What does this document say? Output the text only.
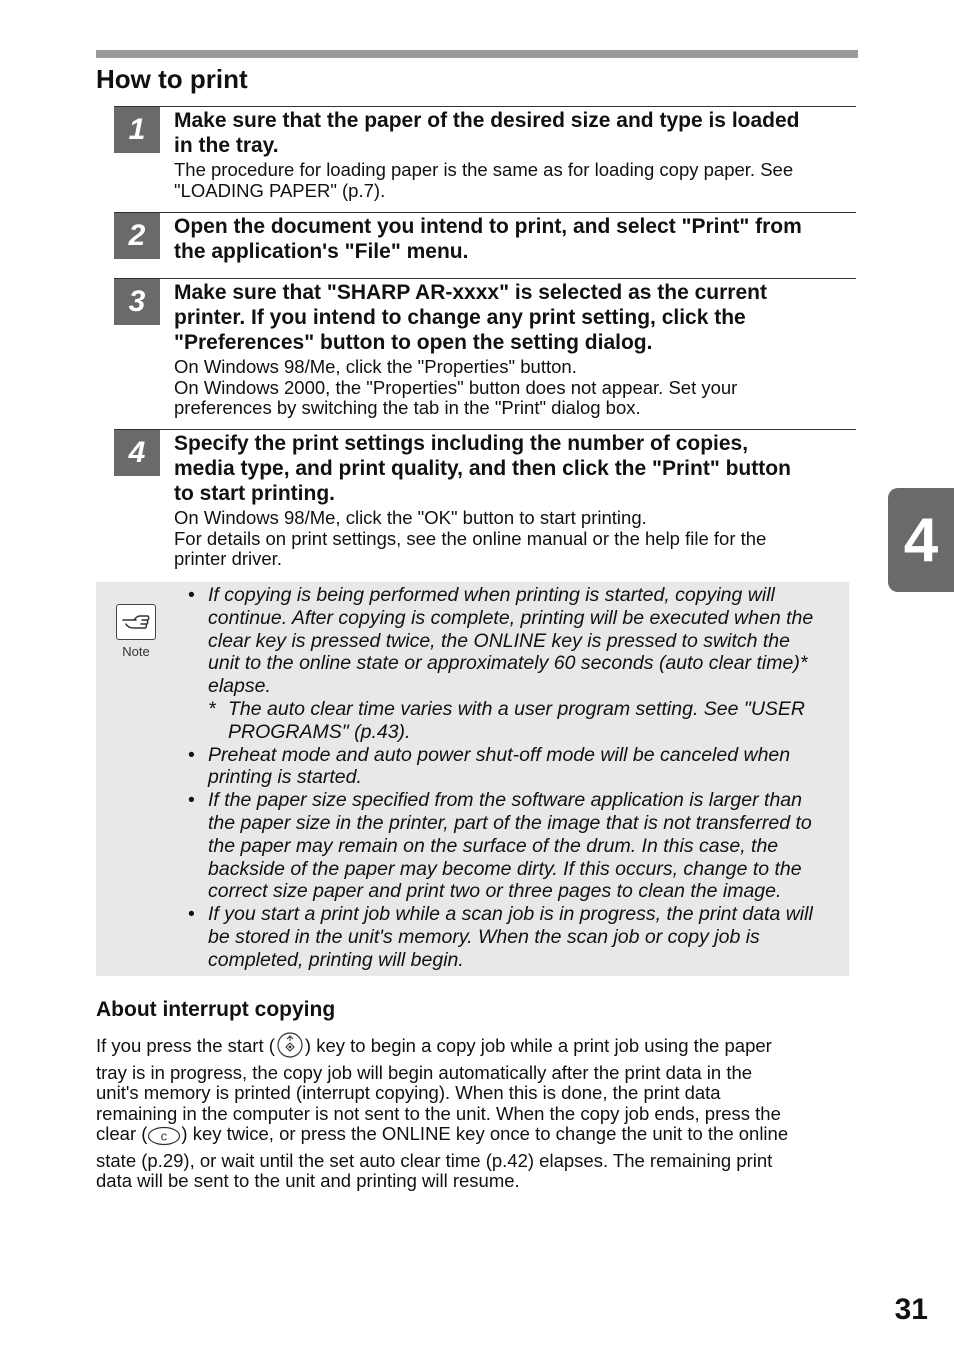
How to print
1	Make sure that the paper of the desired size and type is loaded
in the tray.
The procedure for loading paper is the same as for loading copy paper. See
"LOADING PAPER" (p.7).
2	Open the document you intend to print, and select "Print" from
the application's "File" menu.
3	Make sure that "SHARP AR-xxxx" is selected as the current
printer. If you intend to change any print setting, click the
"Preferences" button to open the setting dialog.
On Windows 98/Me, click the "Properties" button.
On Windows 2000, the "Properties" button does not appear. Set your
preferences by switching the tab in the "Print" dialog box.
4	Specify the print settings including the number of copies,
media type, and print quality, and then click the "Print" button
to start printing.
On Windows 98/Me, click the "OK" button to start printing.
For details on print settings, see the online manual or the help file for the
printer driver.
Note
• If copying is being performed when printing is started, copying will
continue. After copying is complete, printing will be executed when the
clear key is pressed twice, the ONLINE key is pressed to switch the
unit to the online state or approximately 60 seconds (auto clear time)*
elapse.
* The auto clear time varies with a user program setting. See "USER
PROGRAMS" (p.43).
• Preheat mode and auto power shut-off mode will be canceled when
printing is started.
• If the paper size specified from the software application is larger than
the paper size in the printer, part of the image that is not transferred to
the paper may remain on the surface of the drum. In this case, the
backside of the paper may become dirty. If this occurs, change to the
correct size paper and print two or three pages to clean the image.
• If you start a print job while a scan job is in progress, the print data will
be stored in the unit's memory. When the scan job or copy job is
completed, printing will begin.
About interrupt copying
If you press the start ( ) key to begin a copy job while a print job using the paper
tray is in progress, the copy job will begin automatically after the print data in the
unit's memory is printed (interrupt copying). When this is done, the print data
remaining in the computer is not sent to the unit. When the copy job ends, press the
clear ( c ) key twice, or press the ONLINE key once to change the unit to the online
state (p.29), or wait until the set auto clear time (p.42) elapses. The remaining print
data will be sent to the unit and printing will resume.
4
31
